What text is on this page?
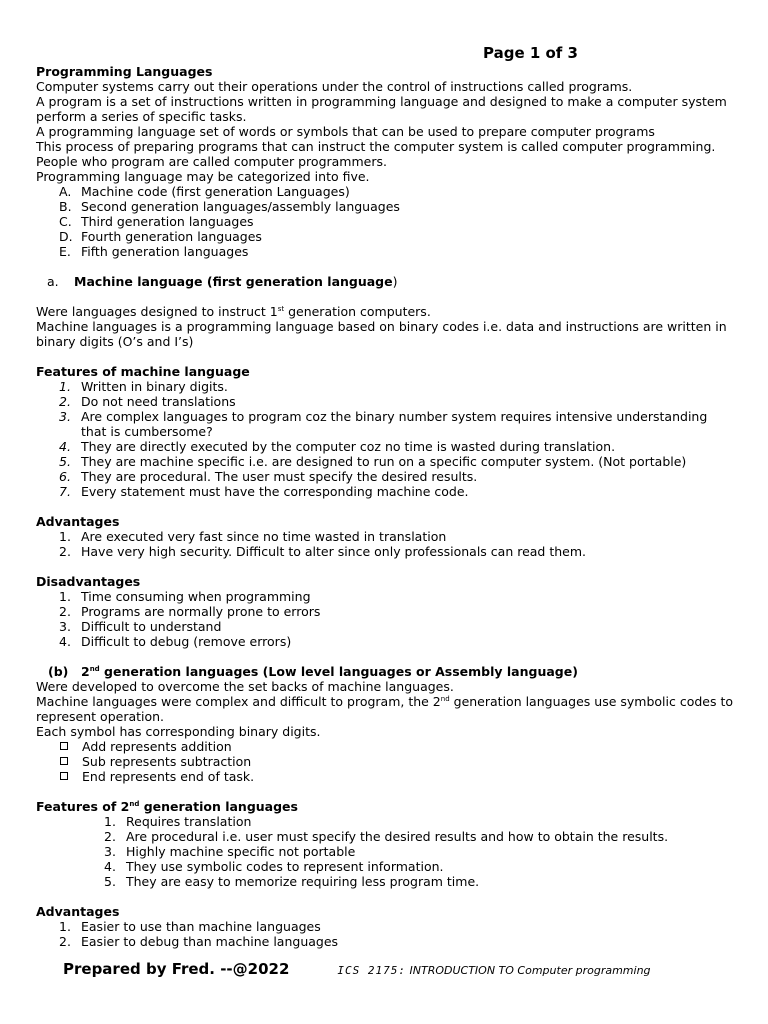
Page 1 of 3

Programming Languages

Computer systems carry out their operations under the control of instructions called programs.

A program is a set of instructions written in programming language and designed to make a computer system perform a series of specific tasks.

A programming language set of words or symbols that can be used to prepare computer programs

This process of preparing programs that can instruct the computer system is called computer programming.

People who program are called computer programmers.

Programming language may be categorized into five.

A. Machine code (first generation Languages)
B. Second generation languages/assembly languages
C. Third generation languages
D. Fourth generation languages
E. Fifth generation languages
a.	Machine language (first generation language)

Were languages designed to instruct 1st generation computers.

Machine languages is a programming language based on binary codes i.e. data and instructions are written in binary digits (O’s and I’s)

Features of machine language

1. Written in binary digits.
2. Do not need translations
3. Are complex languages to program coz the binary number system requires intensive understanding that is cumbersome?
4. They are directly executed by the computer coz no time is wasted during translation.
5. They are machine specific i.e. are designed to run on a specific computer system. (Not portable)
6. They are procedural. The user must specify the desired results.
7. Every statement must have the corresponding machine code.

Advantages

1. Are executed very fast since no time wasted in translation
2. Have very high security. Difficult to alter since only professionals can read them.

Disadvantages

1. Time consuming when programming
2. Programs are normally prone to errors
3. Difficult to understand
4. Difficult to debug (remove errors)
(b)	2nd generation languages (Low level languages or Assembly language)

Were developed to overcome the set backs of machine languages.

Machine languages were complex and difficult to program, the 2nd generation languages use symbolic codes to represent operation.

Each symbol has corresponding binary digits.

Add represents addition
Sub represents subtraction
End represents end of task.

Features of 2nd generation languages

1. Requires translation
2. Are procedural i.e. user must specify the desired results and how to obtain the results.
3. Highly machine specific not portable
4. They use symbolic codes to represent information.
5. They are easy to memorize requiring less program time.

Advantages

1. Easier to use than machine languages
2. Easier to debug than machine languages
Prepared by Fred. --@2022	ICS 2175: INTRODUCTION TO Computer programming
